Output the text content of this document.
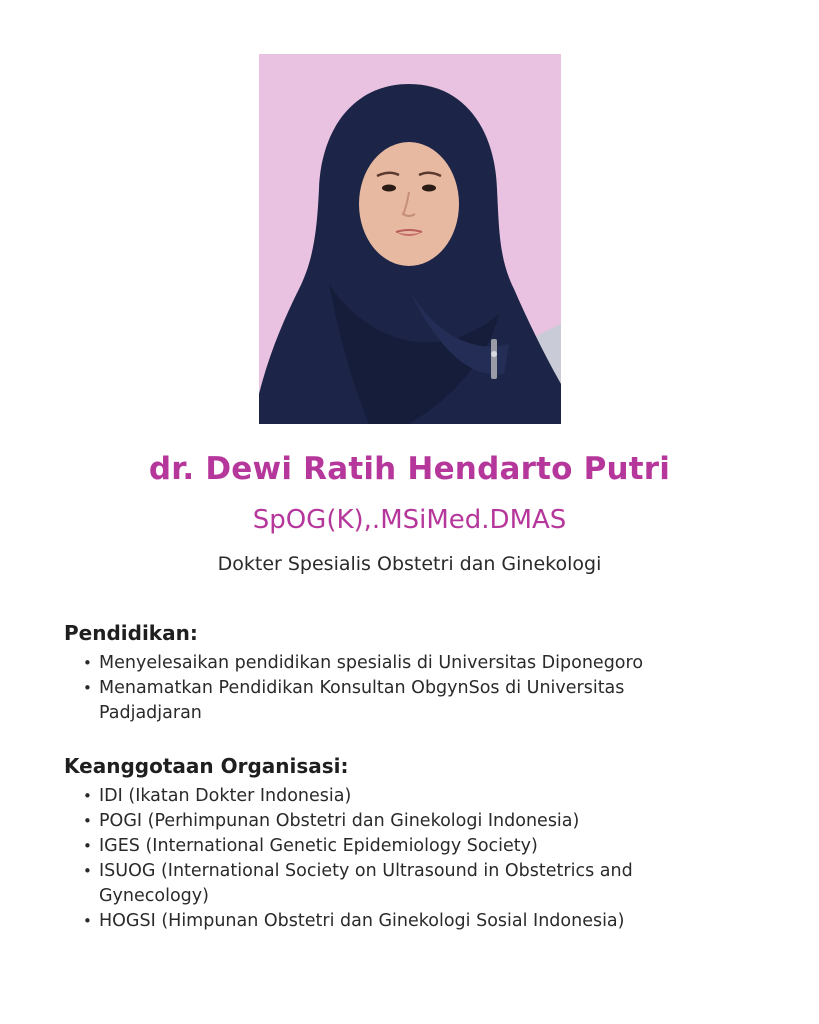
dr. Dewi Ratih Hendarto Putri
SpOG(K),.MSiMed.DMAS
Dokter Spesialis Obstetri dan Ginekologi
Pendidikan:
• Menyelesaikan pendidikan spesialis di Universitas Diponegoro
• Menamatkan Pendidikan Konsultan ObgynSos di Universitas Padjadjaran
Keanggotaan Organisasi:
• IDI (Ikatan Dokter Indonesia)
• POGI (Perhimpunan Obstetri dan Ginekologi Indonesia)
• IGES (International Genetic Epidemiology Society)
• ISUOG (International Society on Ultrasound in Obstetrics and Gynecology)
• HOGSI (Himpunan Obstetri dan Ginekologi Sosial Indonesia)
